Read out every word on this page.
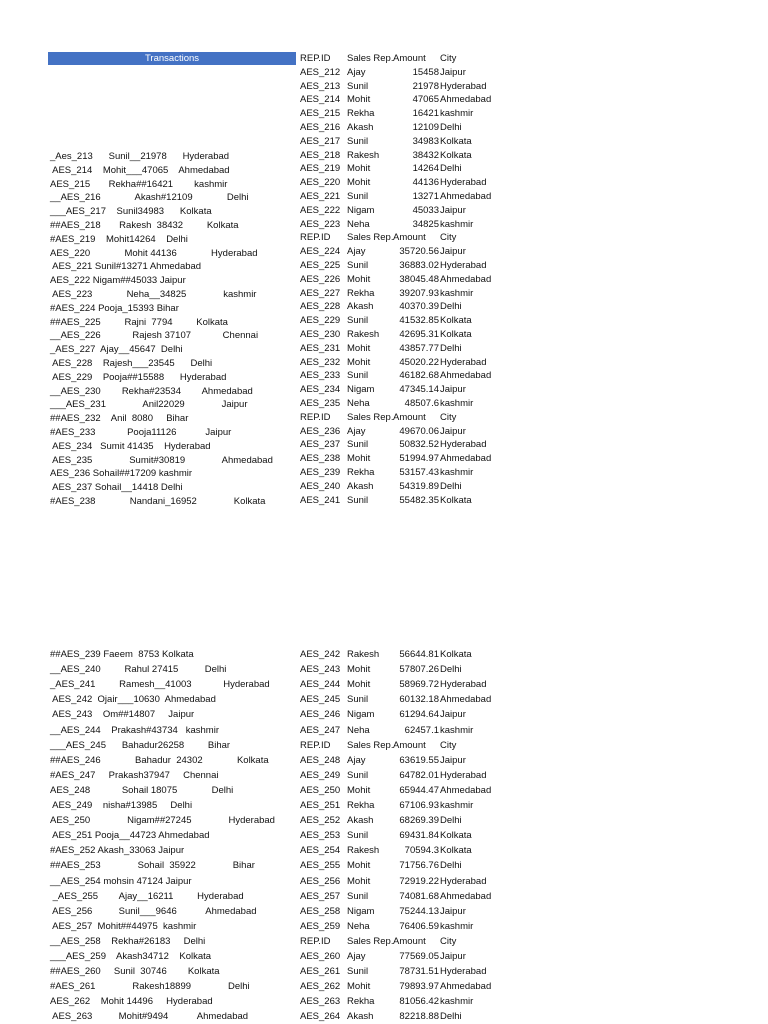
Transactions
_Aes_213      Sunil__21978      Hyderabad
AES_214    Mohit___47065    Ahmedabad
AES_215       Rekha##16421        kashmir
__AES_216             Akash#12109             Delhi
___AES_217    Sunil34983      Kolkata
##AES_218       Rakesh  38432         Kolkata
#AES_219    Mohit14264    Delhi
AES_220             Mohit 44136             Hyderabad
AES_221 Sunil#13271 Ahmedabad
AES_222 Nigam##45033 Jaipur
AES_223             Neha__34825              kashmir
#AES_224 Pooja_15393 Bihar
##AES_225         Rajni  7794         Kolkata
__AES_226            Rajesh 37107            Chennai
_AES_227  Ajay__45647  Delhi
AES_228    Rajesh___23545      Delhi
AES_229    Pooja##15588      Hyderabad
__AES_230        Rekha#23534        Ahmedabad
___AES_231              Anil22029              Jaipur
##AES_232    Anil  8080     Bihar
#AES_233            Pooja11126           Jaipur
AES_234   Sumit 41435    Hyderabad
AES_235              Sumit#30819              Ahmedabad
AES_236 Sohail##17209 kashmir
AES_237 Sohail__14418 Delhi
#AES_238             Nandani_16952              Kolkata
##AES_239 Faeem  8753 Kolkata
__AES_240         Rahul 27415          Delhi
_AES_241         Ramesh__41003            Hyderabad
AES_242  Ojair___10630  Ahmedabad
AES_243    Om##14807     Jaipur
__AES_244    Prakash#43734   kashmir
___AES_245      Bahadur26258         Bihar
##AES_246             Bahadur  24302             Kolkata
#AES_247     Prakash37947     Chennai
AES_248            Sohail 18075             Delhi
AES_249    nisha#13985     Delhi
AES_250              Nigam##27245              Hyderabad
AES_251 Pooja__44723 Ahmedabad
#AES_252 Akash_33063 Jaipur
##AES_253              Sohail  35922              Bihar
__AES_254 mohsin 47124 Jaipur
_AES_255        Ajay__16211         Hyderabad
AES_256          Sunil___9646           Ahmedabad
AES_257  Mohit##44975  kashmir
__AES_258    Rekha#26183     Delhi
___AES_259    Akash34712    Kolkata
##AES_260     Sunil  30746        Kolkata
#AES_261              Rakesh18899              Delhi
AES_262    Mohit 14496     Hyderabad
AES_263          Mohit#9494           Ahmedabad
REP.ID Sales Rep. Amount City
AES_212 Ajay	15458 Jaipur
AES_213 Sunil	21978 Hyderabad
AES_214 Mohit	47065 Ahmedabad
AES_215 Rekha	16421 kashmir
AES_216 Akash	12109 Delhi
AES_217 Sunil	34983 Kolkata
AES_218 Rakesh	38432 Kolkata
AES_219 Mohit	14264 Delhi
AES_220 Mohit	44136 Hyderabad
AES_221 Sunil	13271 Ahmedabad
AES_222 Nigam	45033 Jaipur
AES_223 Neha	34825 kashmir
REP.ID Sales Rep. Amount City
AES_224 Ajay	35720.56 Jaipur
AES_225 Sunil	36883.02 Hyderabad
AES_226 Mohit	38045.48 Ahmedabad
AES_227 Rekha	39207.93 kashmir
AES_228 Akash	40370.39 Delhi
AES_229 Sunil	41532.85 Kolkata
AES_230 Rakesh	42695.31 Kolkata
AES_231 Mohit	43857.77 Delhi
AES_232 Mohit	45020.22 Hyderabad
AES_233 Sunil	46182.68 Ahmedabad
AES_234 Nigam	47345.14 Jaipur
AES_235 Neha	48507.6 kashmir
REP.ID Sales Rep. Amount City
AES_236 Ajay	49670.06 Jaipur
AES_237 Sunil	50832.52 Hyderabad
AES_238 Mohit	51994.97 Ahmedabad
AES_239 Rekha	53157.43 kashmir
AES_240 Akash	54319.89 Delhi
AES_241 Sunil	55482.35 Kolkata
AES_242 Rakesh	56644.81 Kolkata
AES_243 Mohit	57807.26 Delhi
AES_244 Mohit	58969.72 Hyderabad
AES_245 Sunil	60132.18 Ahmedabad
AES_246 Nigam	61294.64 Jaipur
AES_247 Neha	62457.1 kashmir
REP.ID Sales Rep. Amount City
AES_248 Ajay	63619.55 Jaipur
AES_249 Sunil	64782.01 Hyderabad
AES_250 Mohit	65944.47 Ahmedabad
AES_251 Rekha	67106.93 kashmir
AES_252 Akash	68269.39 Delhi
AES_253 Sunil	69431.84 Kolkata
AES_254 Rakesh	70594.3 Kolkata
AES_255 Mohit	71756.76 Delhi
AES_256 Mohit	72919.22 Hyderabad
AES_257 Sunil	74081.68 Ahmedabad
AES_258 Nigam	75244.13 Jaipur
AES_259 Neha	76406.59 kashmir
REP.ID Sales Rep. Amount City
AES_260 Ajay	77569.05 Jaipur
AES_261 Sunil	78731.51 Hyderabad
AES_262 Mohit	79893.97 Ahmedabad
AES_263 Rekha	81056.42 kashmir
AES_264 Akash	82218.88 Delhi
